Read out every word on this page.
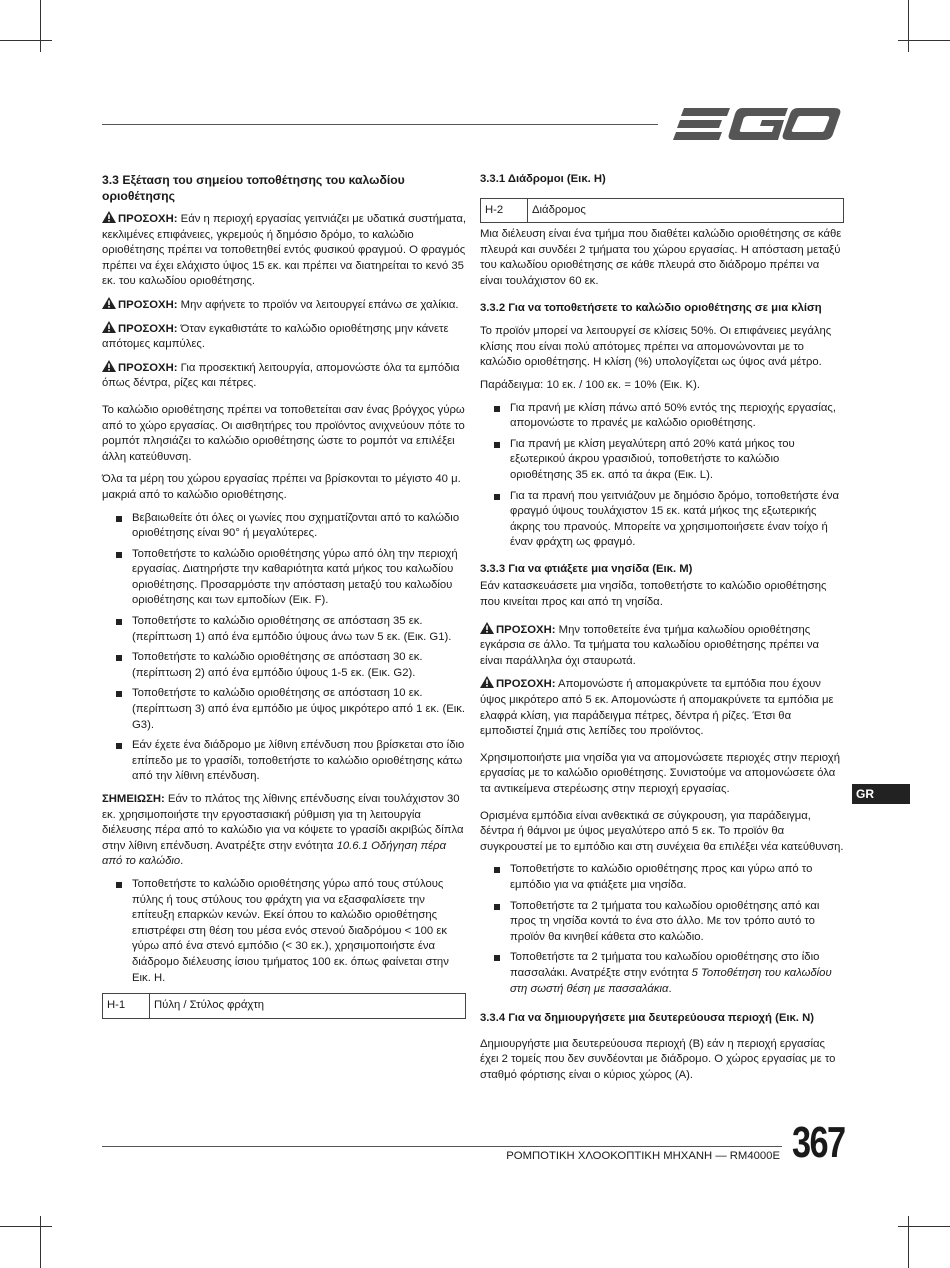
3.3 Εξέταση του σημείου τοποθέτησης του καλωδίου οριοθέτησης

ΠΡΟΣΟΧΗ: Εάν η περιοχή εργασίας γειτνιάζει με υδατικά συστήματα, κεκλιμένες επιφάνειες, γκρεμούς ή δημόσιο δρόμο, το καλώδιο οριοθέτησης πρέπει να τοποθετηθεί εντός φυσικού φραγμού. Ο φραγμός πρέπει να έχει ελάχιστο ύψος 15 εκ. και πρέπει να διατηρείται το κενό 35 εκ. του καλωδίου οριοθέτησης.

ΠΡΟΣΟΧΗ: Μην αφήνετε το προϊόν να λειτουργεί επάνω σε χαλίκια.

ΠΡΟΣΟΧΗ: Όταν εγκαθιστάτε το καλώδιο οριοθέτησης μην κάνετε απότομες καμπύλες.

ΠΡΟΣΟΧΗ: Για προσεκτική λειτουργία, απομονώστε όλα τα εμπόδια όπως δέντρα, ρίζες και πέτρες.

Το καλώδιο οριοθέτησης πρέπει να τοποθετείται σαν ένας βρόγχος γύρω από το χώρο εργασίας. Οι αισθητήρες του προϊόντος ανιχνεύουν πότε το ρομπότ πλησιάζει το καλώδιο οριοθέτησης ώστε το ρομπότ να επιλέξει άλλη κατεύθυνση.

Όλα τα μέρη του χώρου εργασίας πρέπει να βρίσκονται το μέγιστο 40 μ. μακριά από το καλώδιο οριοθέτησης.

Βεβαιωθείτε ότι όλες οι γωνίες που σχηματίζονται από το καλώδιο οριοθέτησης είναι 90° ή μεγαλύτερες.
Τοποθετήστε το καλώδιο οριοθέτησης γύρω από όλη την περιοχή εργασίας. Διατηρήστε την καθαριότητα κατά μήκος του καλωδίου οριοθέτησης. Προσαρμόστε την απόσταση μεταξύ του καλωδίου οριοθέτησης και των εμποδίων (Εικ. F).
Τοποθετήστε το καλώδιο οριοθέτησης σε απόσταση 35 εκ. (περίπτωση 1) από ένα εμπόδιο ύψους άνω των 5 εκ. (Εικ. G1).
Τοποθετήστε το καλώδιο οριοθέτησης σε απόσταση 30 εκ. (περίπτωση 2) από ένα εμπόδιο ύψους 1-5 εκ. (Εικ. G2).
Τοποθετήστε το καλώδιο οριοθέτησης σε απόσταση 10 εκ. (περίπτωση 3) από ένα εμπόδιο με ύψος μικρότερο από 1 εκ. (Εικ. G3).
Εάν έχετε ένα διάδρομο με λίθινη επένδυση που βρίσκεται στο ίδιο επίπεδο με το γρασίδι, τοποθετήστε το καλώδιο οριοθέτησης κάτω από την λίθινη επένδυση.

ΣΗΜΕΙΩΣΗ: Εάν το πλάτος της λίθινης επένδυσης είναι τουλάχιστον 30 εκ. χρησιμοποιήστε την εργοστασιακή ρύθμιση για τη λειτουργία διέλευσης πέρα από το καλώδιο για να κόψετε το γρασίδι ακριβώς δίπλα στην λίθινη επένδυση. Ανατρέξτε στην ενότητα 10.6.1 Οδήγηση πέρα από το καλώδιο.

Τοποθετήστε το καλώδιο οριοθέτησης γύρω από τους στύλους πύλης ή τους στύλους του φράχτη για να εξασφαλίσετε την επίτευξη επαρκών κενών. Εκεί όπου το καλώδιο οριοθέτησης επιστρέφει στη θέση του μέσα ενός στενού διαδρόμου < 100 εκ γύρω από ένα στενό εμπόδιο (< 30 εκ.), χρησιμοποιήστε ένα διάδρομο διέλευσης ίσιου τμήματος 100 εκ. όπως φαίνεται στην Εικ. H.
H-1	Πύλη / Στύλος φράχτη
3.3.1 Διάδρομοι (Εικ. H)
H-2	Διάδρομος

Μια διέλευση είναι ένα τμήμα που διαθέτει καλώδιο οριοθέτησης σε κάθε πλευρά και συνδέει 2 τμήματα του χώρου εργασίας. Η απόσταση μεταξύ του καλωδίου οριοθέτησης σε κάθε πλευρά στο διάδρομο πρέπει να είναι τουλάχιστον 60 εκ.

3.3.2 Για να τοποθετήσετε το καλώδιο οριοθέτησης σε μια κλίση

Το προϊόν μπορεί να λειτουργεί σε κλίσεις 50%. Οι επιφάνειες μεγάλης κλίσης που είναι πολύ απότομες πρέπει να απομονώνονται με το καλώδιο οριοθέτησης. Η κλίση (%) υπολογίζεται ως ύψος ανά μέτρο.

Παράδειγμα: 10 εκ. / 100 εκ. = 10% (Εικ. K).

Για πρανή με κλίση πάνω από 50% εντός της περιοχής εργασίας, απομονώστε το πρανές με καλώδιο οριοθέτησης.
Για πρανή με κλίση μεγαλύτερη από 20% κατά μήκος του εξωτερικού άκρου γρασιδιού, τοποθετήστε το καλώδιο οριοθέτησης 35 εκ. από τα άκρα (Εικ. L).
Για τα πρανή που γειτνιάζουν με δημόσιο δρόμο, τοποθετήστε ένα φραγμό ύψους τουλάχιστον 15 εκ. κατά μήκος της εξωτερικής άκρης του πρανούς. Μπορείτε να χρησιμοποιήσετε έναν τοίχο ή έναν φράχτη ως φραγμό.
3.3.3 Για να φτιάξετε μια νησίδα (Εικ. M)

Εάν κατασκευάσετε μια νησίδα, τοποθετήστε το καλώδιο οριοθέτησης που κινείται προς και από τη νησίδα.

ΠΡΟΣΟΧΗ: Μην τοποθετείτε ένα τμήμα καλωδίου οριοθέτησης εγκάρσια σε άλλο. Τα τμήματα του καλωδίου οριοθέτησης πρέπει να είναι παράλληλα όχι σταυρωτά.

ΠΡΟΣΟΧΗ: Απομονώστε ή απομακρύνετε τα εμπόδια που έχουν ύψος μικρότερο από 5 εκ. Απομονώστε ή απομακρύνετε τα εμπόδια με ελαφρά κλίση, για παράδειγμα πέτρες, δέντρα ή ρίζες. Έτσι θα εμποδιστεί ζημιά στις λεπίδες του προϊόντος.

Χρησιμοποιήστε μια νησίδα για να απομονώσετε περιοχές στην περιοχή εργασίας με το καλώδιο οριοθέτησης. Συνιστούμε να απομονώσετε όλα τα αντικείμενα στερέωσης στην περιοχή εργασίας.

Ορισμένα εμπόδια είναι ανθεκτικά σε σύγκρουση, για παράδειγμα, δέντρα ή θάμνοι με ύψος μεγαλύτερο από 5 εκ. Το προϊόν θα συγκρουστεί με το εμπόδιο και στη συνέχεια θα επιλέξει νέα κατεύθυνση.

Τοποθετήστε το καλώδιο οριοθέτησης προς και γύρω από το εμπόδιο για να φτιάξετε μια νησίδα.
Τοποθετήστε τα 2 τμήματα του καλωδίου οριοθέτησης από και προς τη νησίδα κοντά το ένα στο άλλο. Με τον τρόπο αυτό το προϊόν θα κινηθεί κάθετα στο καλώδιο.
Τοποθετήστε τα 2 τμήματα του καλωδίου οριοθέτησης στο ίδιο πασσαλάκι. Ανατρέξτε στην ενότητα 5 Τοποθέτηση του καλωδίου στη σωστή θέση με πασσαλάκια.
3.3.4 Για να δημιουργήσετε μια δευτερεύουσα περιοχή (Εικ. N)

Δημιουργήστε μια δευτερεύουσα περιοχή (B) εάν η περιοχή εργασίας έχει 2 τομείς που δεν συνδέονται με διάδρομο. Ο χώρος εργασίας με το σταθμό φόρτισης είναι ο κύριος χώρος (A).

GR
ΡΟΜΠΟΤΙΚΗ ΧΛΟΟΚΟΠΤΙΚΗ ΜΗΧΑΝΗ — RM4000E 367
